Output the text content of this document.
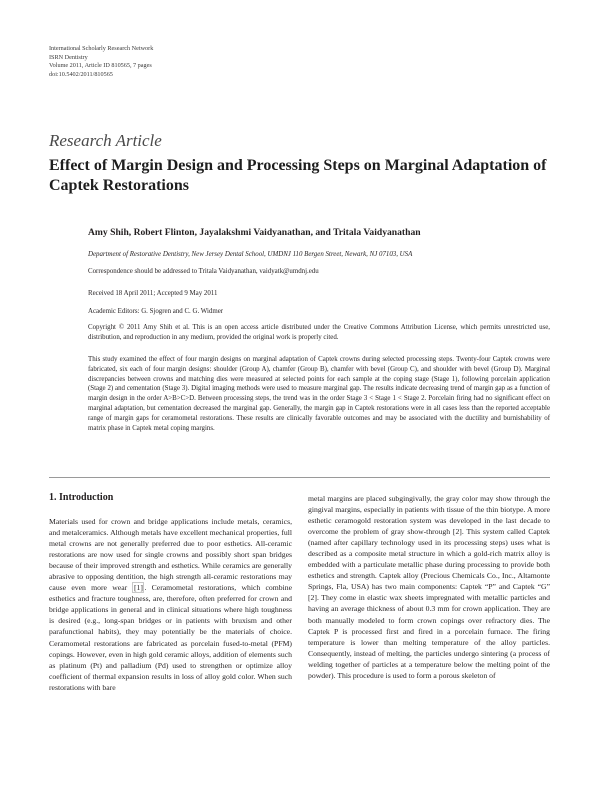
International Scholarly Research Network
ISRN Dentistry
Volume 2011, Article ID 810565, 7 pages
doi:10.5402/2011/810565
Research Article
Effect of Margin Design and Processing Steps on Marginal Adaptation of Captek Restorations
Amy Shih, Robert Flinton, Jayalakshmi Vaidyanathan, and Tritala Vaidyanathan
Department of Restorative Dentistry, New Jersey Dental School, UMDNJ 110 Bergen Street, Newark, NJ 07103, USA
Correspondence should be addressed to Tritala Vaidyanathan, vaidyatk@umdnj.edu
Received 18 April 2011; Accepted 9 May 2011
Academic Editors: G. Sjogren and C. G. Widmer
Copyright © 2011 Amy Shih et al. This is an open access article distributed under the Creative Commons Attribution License, which permits unrestricted use, distribution, and reproduction in any medium, provided the original work is properly cited.
This study examined the effect of four margin designs on marginal adaptation of Captek crowns during selected processing steps. Twenty-four Captek crowns were fabricated, six each of four margin designs: shoulder (Group A), chamfer (Group B), chamfer with bevel (Group C), and shoulder with bevel (Group D). Marginal discrepancies between crowns and matching dies were measured at selected points for each sample at the coping stage (Stage 1), following porcelain application (Stage 2) and cementation (Stage 3). Digital imaging methods were used to measure marginal gap. The results indicate decreasing trend of margin gap as a function of margin design in the order A>B>C>D. Between processing steps, the trend was in the order Stage 3 < Stage 1 < Stage 2. Porcelain firing had no significant effect on marginal adaptation, but cementation decreased the marginal gap. Generally, the margin gap in Captek restorations were in all cases less than the reported acceptable range of margin gaps for ceramometal restorations. These results are clinically favorable outcomes and may be associated with the ductility and burnishability of matrix phase in Captek metal coping margins.
1. Introduction
Materials used for crown and bridge applications include metals, ceramics, and metalceramics. Although metals have excellent mechanical properties, full metal crowns are not generally preferred due to poor esthetics. All-ceramic restorations are now used for single crowns and possibly short span bridges because of their improved strength and esthetics. While ceramics are generally abrasive to opposing dentition, the high strength all-ceramic restorations may cause even more wear [1] . Ceramometal restorations, which combine esthetics and fracture toughness, are, therefore, often preferred for crown and bridge applications in general and in clinical situations where high toughness is desired (e.g., long-span bridges or in patients with bruxism and other parafunctional habits), they may potentially be the materials of choice. Ceramometal restorations are fabricated as porcelain fused-to-metal (PFM) copings. However, even in high gold ceramic alloys, addition of elements such as platinum (Pt) and palladium (Pd) used to strengthen or optimize alloy coefficient of thermal expansion results in loss of alloy gold color. When such restorations with bare
metal margins are placed subgingivally, the gray color may show through the gingival margins, especially in patients with tissue of the thin biotype. A more esthetic ceramogold restoration system was developed in the last decade to overcome the problem of gray show-through [2]. This system called Captek (named after capillary technology used in its processing steps) uses what is described as a composite metal structure in which a gold-rich matrix alloy is embedded with a particulate metallic phase during processing to provide both esthetics and strength. Captek alloy (Precious Chemicals Co., Inc., Altamonte Springs, Fla, USA) has two main components: Captek “P” and Captek “G” [2]. They come in elastic wax sheets impregnated with metallic particles and having an average thickness of about 0.3 mm for crown application. They are both manually modeled to form crown copings over refractory dies. The Captek P is processed first and fired in a porcelain furnace. The firing temperature is lower than melting temperature of the alloy particles. Consequently, instead of melting, the particles undergo sintering (a process of welding together of particles at a temperature below the melting point of the powder). This procedure is used to form a porous skeleton of
